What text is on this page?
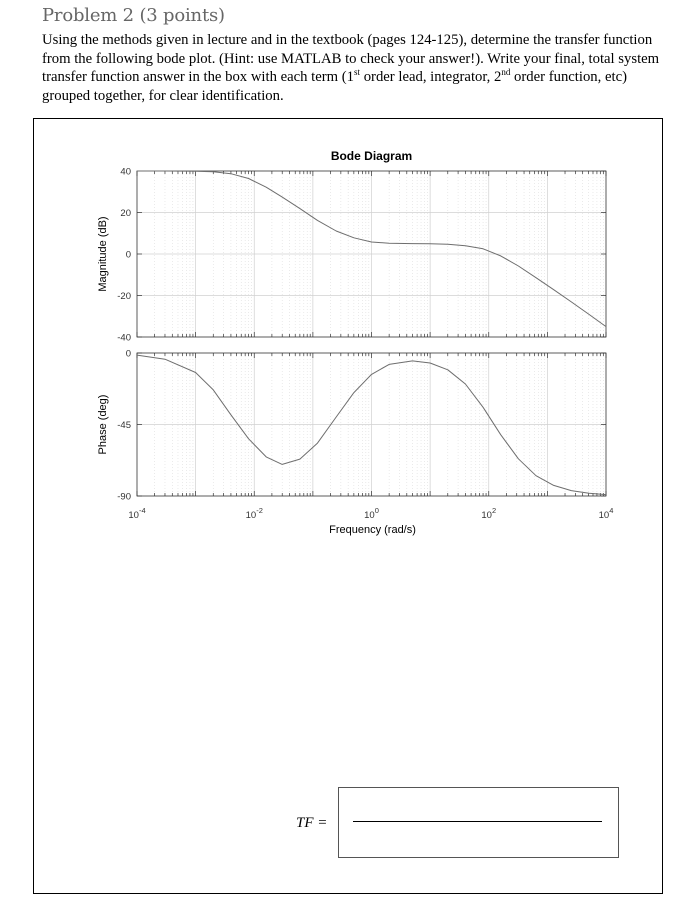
Problem 2 (3 points)

Using the methods given in lecture and in the textbook (pages 124-125), determine the transfer function from the following bode plot. (Hint: use MATLAB to check your answer!). Write your final, total system transfer function answer in the box with each term (1st order lead, integrator, 2nd order function, etc) grouped together, for clear identification.

Bode Diagram
40
20
0
-20
-40
Magnitude (dB)
0
-45
-90
Phase (deg)
$10^{-4}$	$10^{-2}$	$10^0$	$10^2$	$10^4$
Frequency (rad/s)
TF =
